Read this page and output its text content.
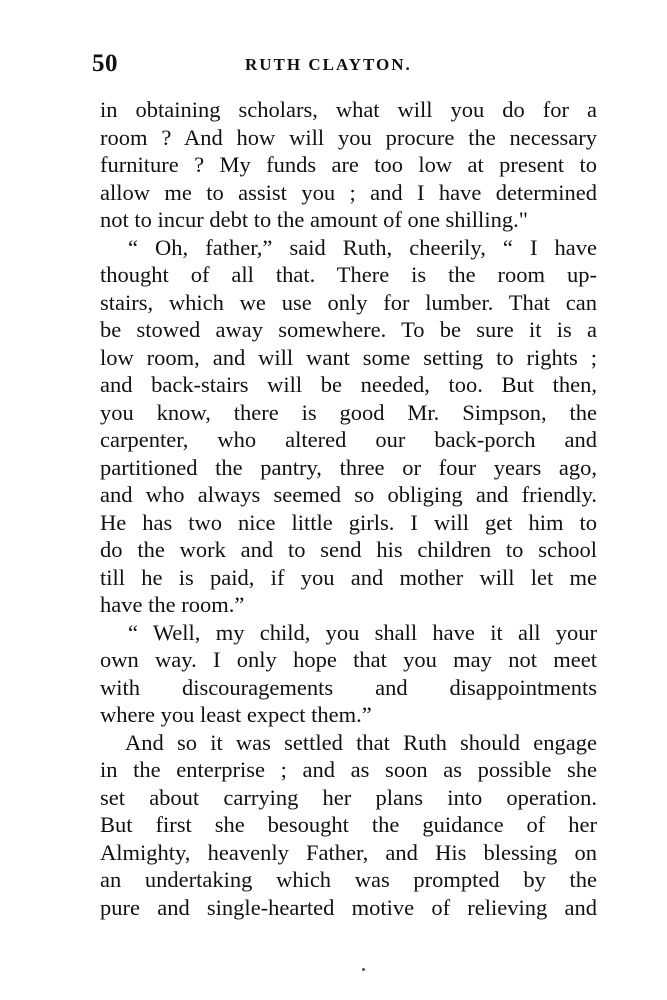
50	RUTH CLAYTON.
in obtaining scholars, what will you do for a
room ? And how will you procure the necessary
furniture ? My funds are too low at present to
allow me to assist you ; and I have determined
not to incur debt to the amount of one shilling."
“ Oh, father,” said Ruth, cheerily, “ I have
thought of all that. There is the room up-
stairs, which we use only for lumber. That can
be stowed away somewhere. To be sure it is a
low room, and will want some setting to rights ;
and back-stairs will be needed, too. But then,
you know, there is good Mr. Simpson, the
carpenter, who altered our back-porch and
partitioned the pantry, three or four years ago,
and who always seemed so obliging and friendly.
He has two nice little girls. I will get him to
do the work and to send his children to school
till he is paid, if you and mother will let me
have the room.”
“ Well, my child, you shall have it all your
own way. I only hope that you may not meet
with discouragements and disappointments
where you least expect them.”
And so it was settled that Ruth should engage
in the enterprise ; and as soon as possible she
set about carrying her plans into operation.
But first she besought the guidance of her
Almighty, heavenly Father, and His blessing on
an undertaking which was prompted by the
pure and single-hearted motive of relieving and
